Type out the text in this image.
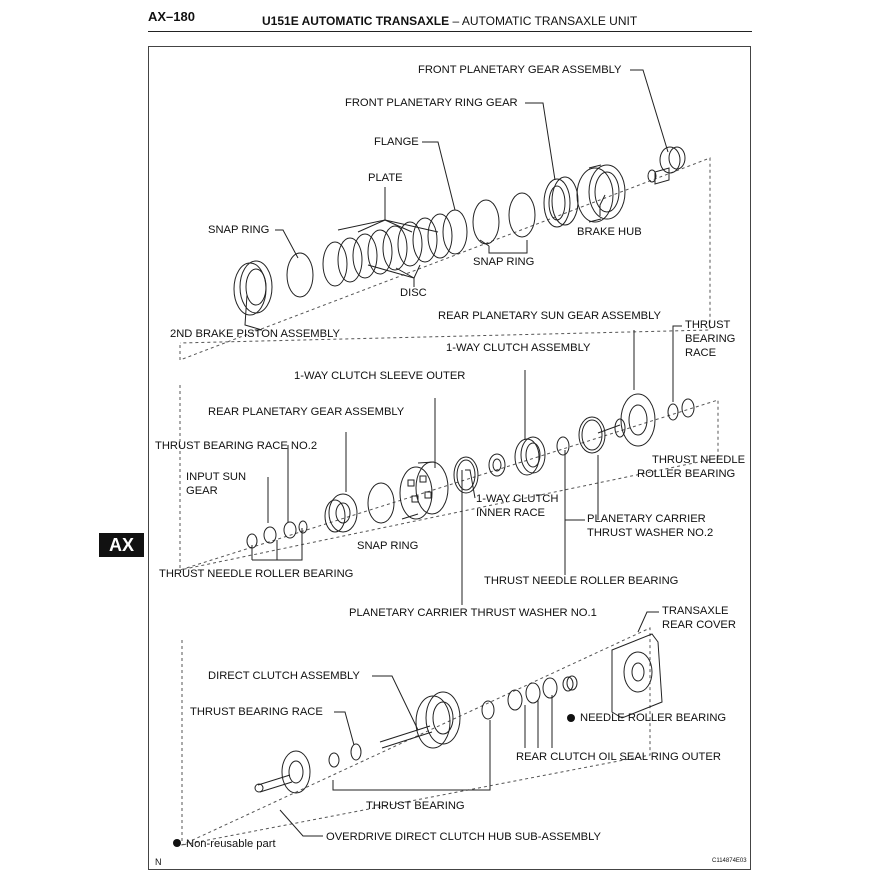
AX–180	U151E AUTOMATIC TRANSAXLE – AUTOMATIC TRANSAXLE UNIT
AX
FRONT PLANETARY GEAR ASSEMBLY
FRONT PLANETARY RING GEAR
FLANGE
PLATE
SNAP RING	BRAKE HUB
SNAP RING
DISC
2ND BRAKE PISTON ASSEMBLY
REAR PLANETARY SUN GEAR ASSEMBLY
THRUST
BEARING
RACE
1-WAY CLUTCH ASSEMBLY
1-WAY CLUTCH SLEEVE OUTER
REAR PLANETARY GEAR ASSEMBLY
THRUST BEARING RACE NO.2
THRUST NEEDLE
ROLLER BEARING
INPUT SUN
GEAR
1-WAY CLUTCH
INNER RACE	PLANETARY CARRIER
THRUST WASHER NO.2
SNAP RING
THRUST NEEDLE ROLLER BEARING
THRUST NEEDLE ROLLER BEARING
PLANETARY CARRIER THRUST WASHER NO.1	TRANSAXLE
REAR COVER
DIRECT CLUTCH ASSEMBLY
THRUST BEARING RACE	NEEDLE ROLLER BEARING
REAR CLUTCH OIL SEAL RING OUTER
THRUST BEARING
Non-reusable part
OVERDRIVE DIRECT CLUTCH HUB SUB-ASSEMBLY
N	C114874E03
